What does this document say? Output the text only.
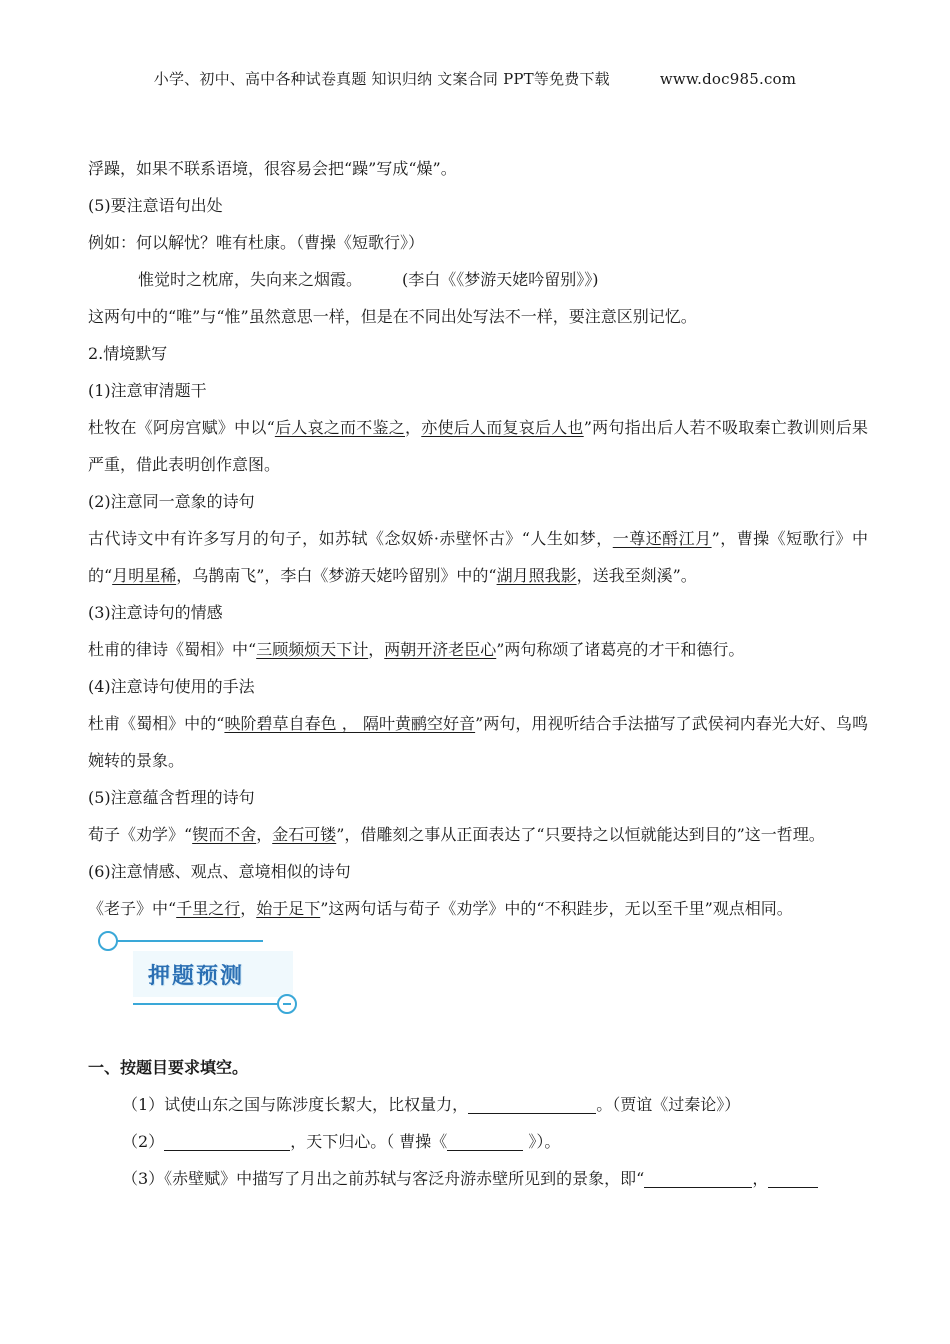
小学、初中、高中各种试卷真题 知识归纳 文案合同 PPT等免费下载	www.doc985.com

浮躁，如果不联系语境，很容易会把“躁”写成“燥”。

(5)要注意语句出处

例如：何以解忧？唯有杜康。（曹操《短歌行》）

惟觉时之枕席，失向来之烟霞。	(李白《《梦游天姥吟留别》》)

这两句中的“唯”与“惟”虽然意思一样，但是在不同出处写法不一样，要注意区别记忆。

2.情境默写

(1)注意审清题干

杜牧在《阿房宫赋》中以“后人哀之而不鉴之，亦使后人而复哀后人也”两句指出后人若不吸取秦亡教训则后果严重，借此表明创作意图。

(2)注意同一意象的诗句

古代诗文中有许多写月的句子，如苏轼《念奴娇·赤壁怀古》“人生如梦，一尊还酹江月”，曹操《短歌行》中的“月明星稀，乌鹊南飞”，李白《梦游天姥吟留别》中的“湖月照我影，送我至剡溪”。

(3)注意诗句的情感

杜甫的律诗《蜀相》中“三顾频烦天下计，两朝开济老臣心”两句称颂了诸葛亮的才干和德行。

(4)注意诗句使用的手法

杜甫《蜀相》中的“映阶碧草自春色 ， 隔叶黄鹂空好音”两句，用视听结合手法描写了武侯祠内春光大好、鸟鸣婉转的景象。

(5)注意蕴含哲理的诗句

荀子《劝学》“锲而不舍，金石可镂”，借雕刻之事从正面表达了“只要持之以恒就能达到目的”这一哲理。

(6)注意情感、观点、意境相似的诗句

《老子》中“千里之行，始于足下”这两句话与荀子《劝学》中的“不积跬步，无以至千里”观点相同。

押题预测

一、按题目要求填空。

（1）试使山东之国与陈涉度长絜大，比权量力，	。（贾谊《过秦论》）

（2）	，天下归心。（ 曹操《	》）。

（3）《赤壁赋》中描写了月出之前苏轼与客泛舟游赤壁所见到的景象，即“	，
